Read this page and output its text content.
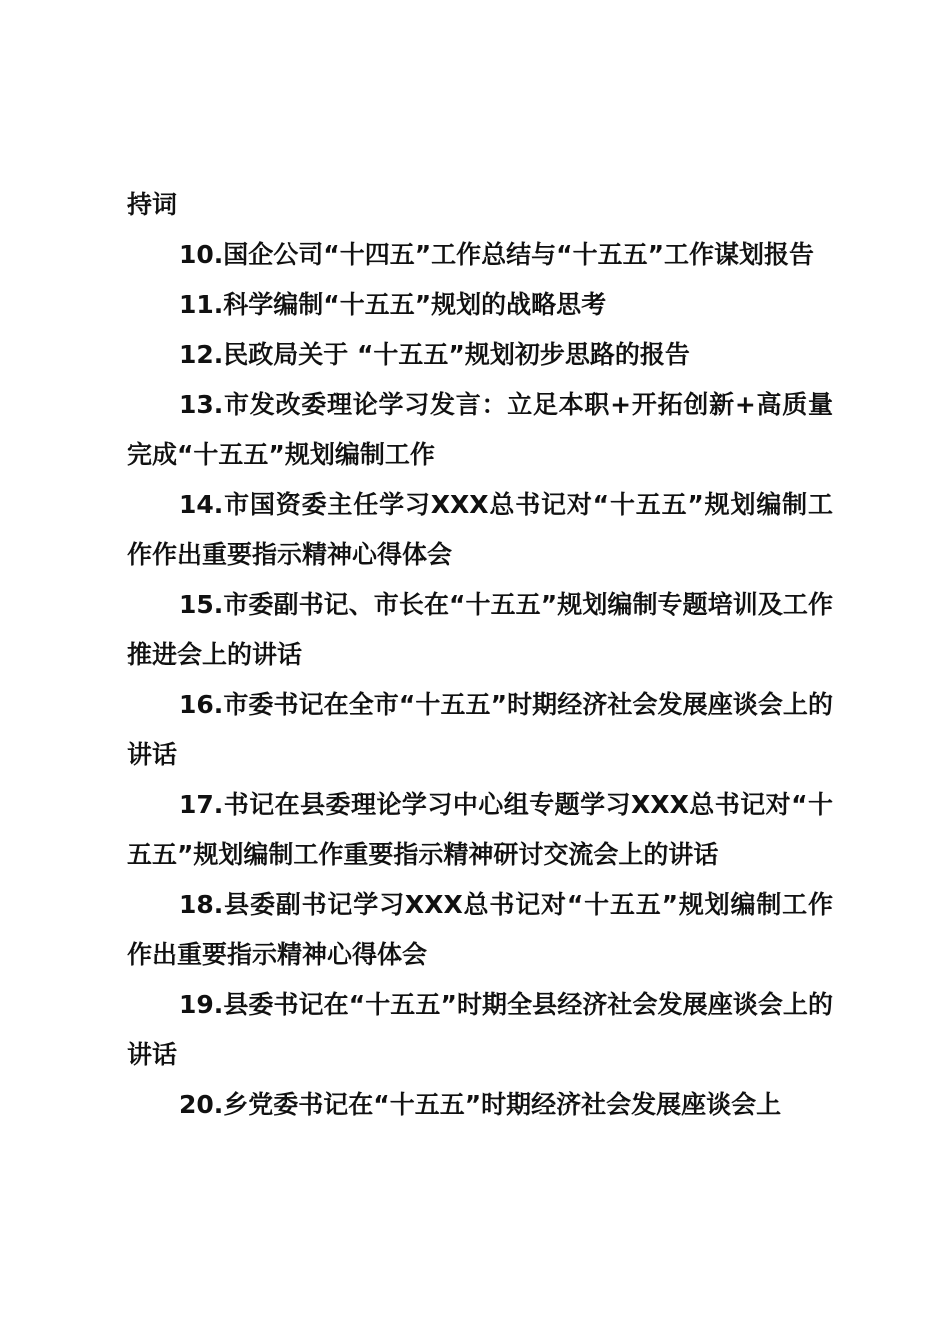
持词

10.国企公司“十四五”工作总结与“十五五”工作谋划报告

11.科学编制“十五五”规划的战略思考

12.民政局关于 “十五五”规划初步思路的报告

13.市发改委理论学习发言：立足本职+开拓创新+高质量完成“十五五”规划编制工作

14.市国资委主任学习XXX总书记对“十五五”规划编制工作作出重要指示精神心得体会

15.市委副书记、市长在“十五五”规划编制专题培训及工作推进会上的讲话

16.市委书记在全市“十五五”时期经济社会发展座谈会上的讲话

17.书记在县委理论学习中心组专题学习XXX总书记对“十五五”规划编制工作重要指示精神研讨交流会上的讲话

18.县委副书记学习XXX总书记对“十五五”规划编制工作作出重要指示精神心得体会

19.县委书记在“十五五”时期全县经济社会发展座谈会上的讲话

20.乡党委书记在“十五五”时期经济社会发展座谈会上
